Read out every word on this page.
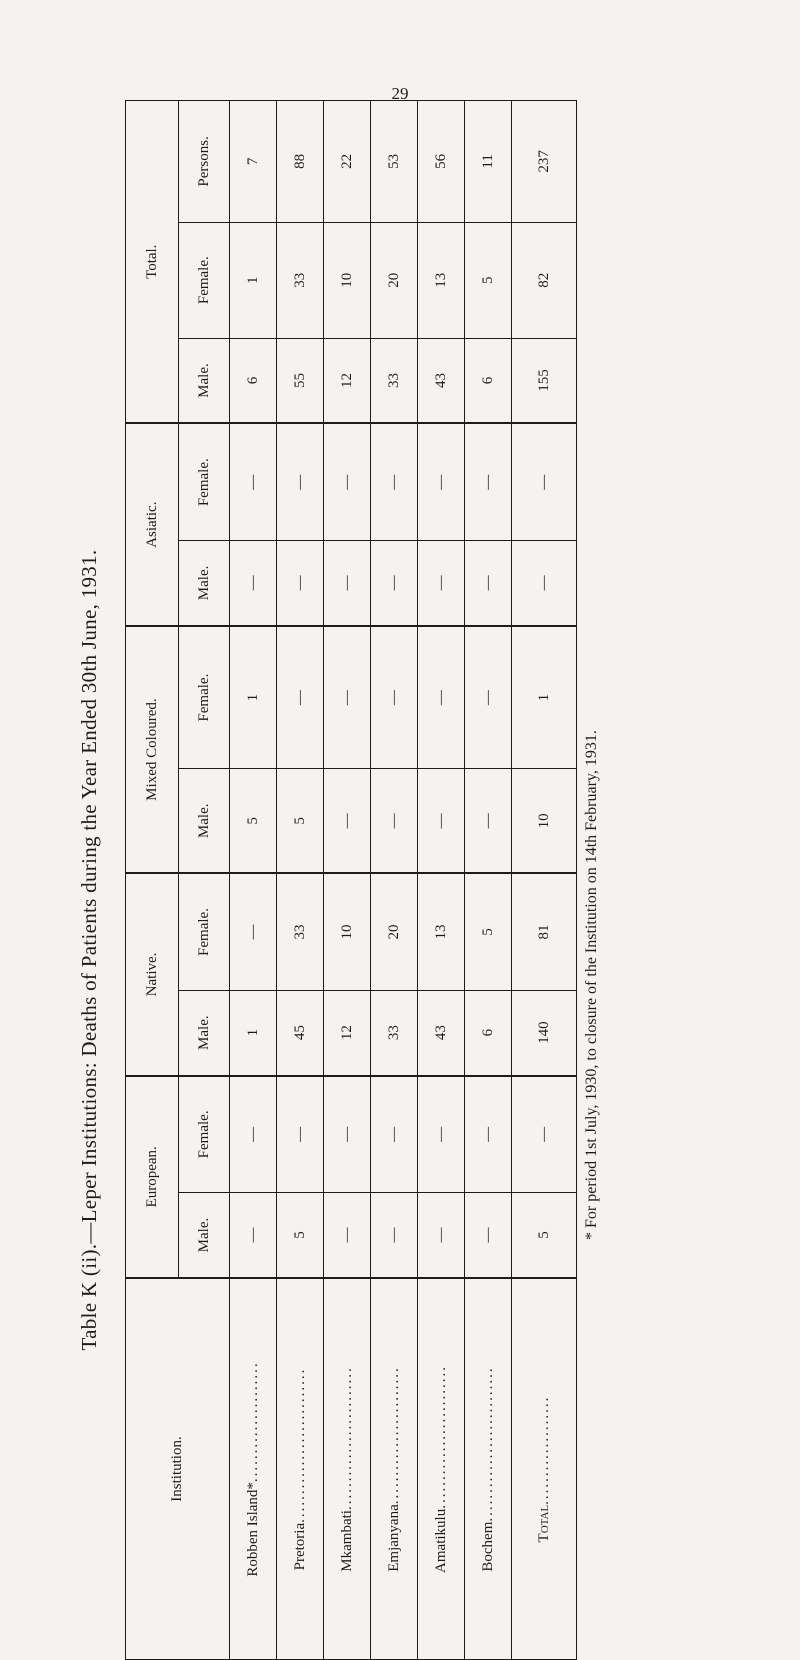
29
Table K (ii).—Leper Institutions: Deaths of Patients during the Year Ended 30th June, 1931.
Institution.	European.		Native.		Mixed Coloured.		Asiatic.		Total.		
	Male.	Female.	Male.	Female.	Male.	Female.	Male.	Female.	Male.	Female.	Persons.
Robben Island*.....................	—	—	1	—	5	1	—	—	6	1	7
Pretoria...........................	5	—	45	33	5	—	—	—	55	33	88
Mkambati.........................	—	—	12	10	—	—	—	—	12	10	22
Emjanyana........................	—	—	33	20	—	—	—	—	33	20	53
Amatikulu.........................	—	—	43	13	—	—	—	—	43	13	56
Bochem...........................	—	—	6	5	—	—	—	—	6	5	11
Total...................	5	—	140	81	10	1	—	—	155	82	237
* For period 1st July, 1930, to closure of the Institution on 14th February, 1931.
